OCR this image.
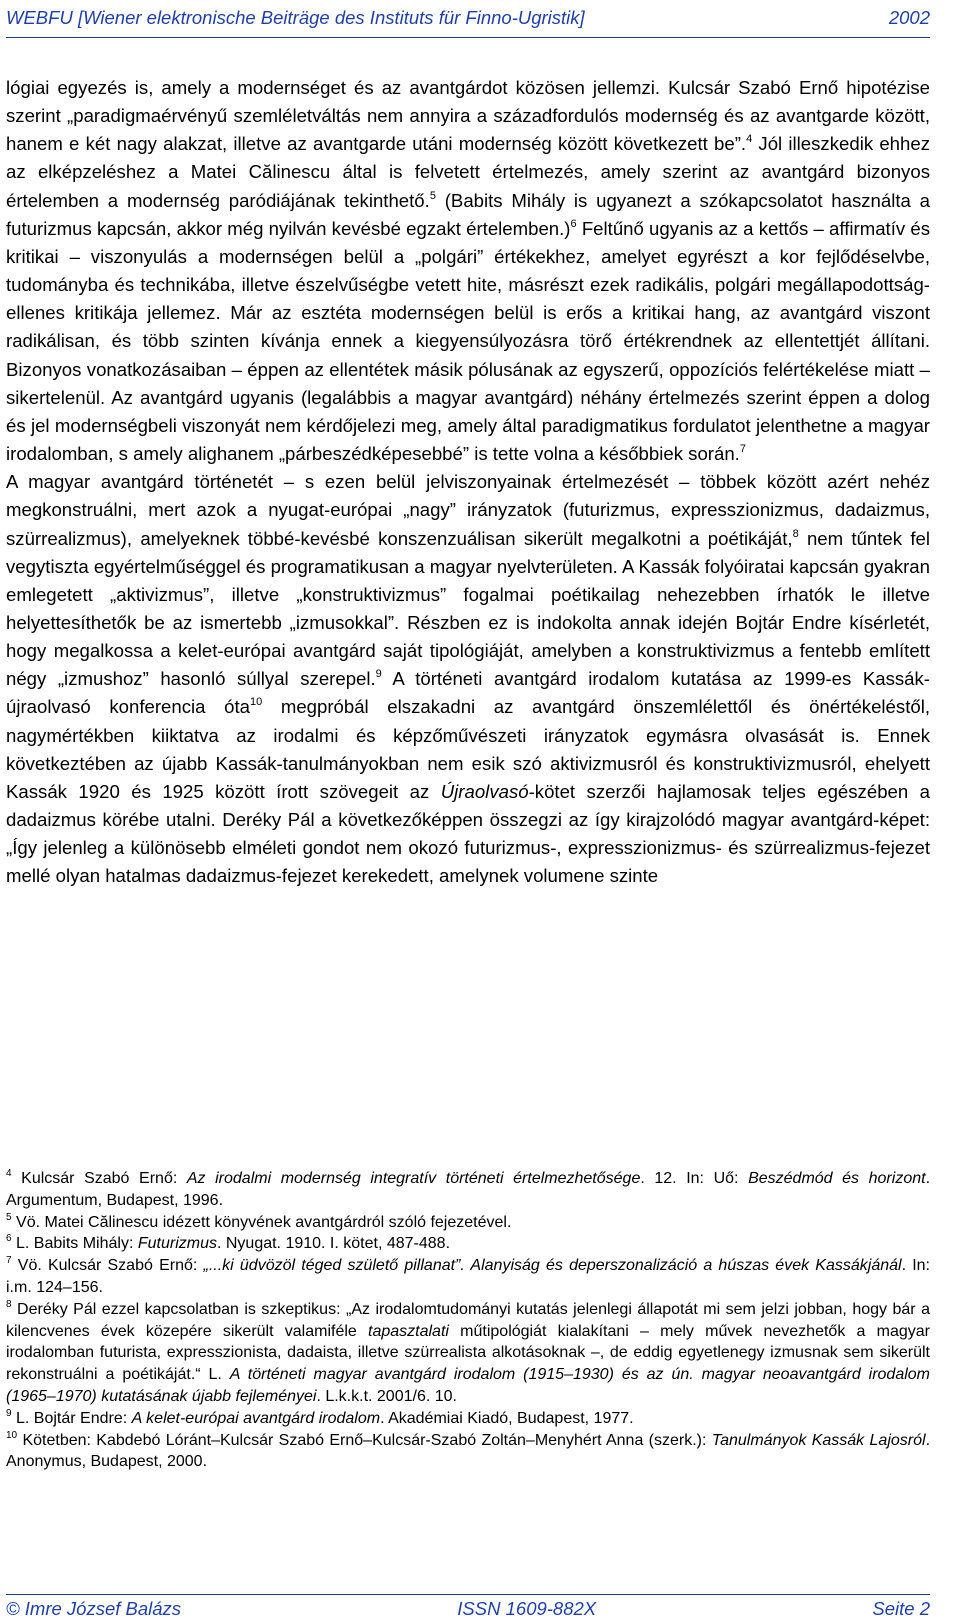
WEBFU [Wiener elektronische Beiträge des Instituts für Finno-Ugristik]	2002

lógiai egyezés is, amely a modernséget és az avantgárdot közösen jellemzi. Kulcsár Szabó Ernő hipotézise szerint „paradigmaérvényű szemléletváltás nem annyira a századfordulós modernség és az avantgarde között, hanem e két nagy alakzat, illetve az avantgarde utáni modernség között következett be”.$^4$ Jól illeszkedik ehhez az elképzeléshez a Matei Călinescu által is felvetett értelmezés, amely szerint az avantgárd bizonyos értelemben a modernség paródiájának tekinthető.$^5$ (Babits Mihály is ugyanezt a szókapcsolatot használta a futurizmus kapcsán, akkor még nyilván kevésbé egzakt értelemben.)$^6$ Feltűnő ugyanis az a kettős – affirmatív és kritikai – viszonyulás a modernségen belül a „polgári” értékekhez, amelyet egyrészt a kor fejlődéselvbe, tudományba és technikába, illetve észelvűségbe vetett hite, másrészt ezek radikális, polgári megállapodottság-ellenes kritikája jellemez. Már az esztéta modernségen belül is erős a kritikai hang, az avantgárd viszont radikálisan, és több szinten kívánja ennek a kiegyensúlyozásra törő értékrendnek az ellentettjét állítani. Bizonyos vonatkozásaiban – éppen az ellentétek másik pólusának az egyszerű, oppozíciós felértékelése miatt – sikertelenül. Az avantgárd ugyanis (legalábbis a magyar avantgárd) néhány értelmezés szerint éppen a dolog és jel modernségbeli viszonyát nem kérdőjelezi meg, amely által paradigmatikus fordulatot jelenthetne a magyar irodalomban, s amely alighanem „párbeszédképesebbé” is tette volna a későbbiek során.$^7$

A magyar avantgárd történetét – s ezen belül jelviszonyainak értelmezését – többek között azért nehéz megkonstruálni, mert azok a nyugat-európai „nagy” irányzatok (futurizmus, expresszionizmus, dadaizmus, szürrealizmus), amelyeknek többé-kevésbé konszenzuálisan sikerült megalkotni a poétikáját,$^8$ nem tűntek fel vegytiszta egyértelműséggel és programatikusan a magyar nyelvterületen. A Kassák folyóiratai kapcsán gyakran emlegetett „aktivizmus”, illetve „konstruktivizmus” fogalmai poétikailag nehezebben írhatók le illetve helyettesíthetők be az ismertebb „izmusokkal”. Részben ez is indokolta annak idején Bojtár Endre kísérletét, hogy megalkossa a kelet-európai avantgárd saját tipológiáját, amelyben a konstruktivizmus a fentebb említett négy „izmushoz” hasonló súllyal szerepel.$^9$ A történeti avantgárd irodalom kutatása az 1999-es Kassák-újraolvasó konferencia óta$^{10}$ megpróbál elszakadni az avantgárd önszemlélettől és önértékeléstől, nagymértékben kiiktatva az irodalmi és képzőművészeti irányzatok egymásra olvasását is. Ennek következtében az újabb Kassák-tanulmányokban nem esik szó aktivizmusról és konstruktivizmusról, ehelyett Kassák 1920 és 1925 között írott szövegeit az Újraolvasó-kötet szerzői hajlamosak teljes egészében a dadaizmus körébe utalni. Deréky Pál a következőképpen összegzi az így kirajzolódó magyar avantgárd-képet: „Így jelenleg a különösebb elméleti gondot nem okozó futurizmus-, expresszionizmus- és szürrealizmus-fejezet mellé olyan hatalmas dadaizmus-fejezet kerekedett, amelynek volumene szinte

$^4$ Kulcsár Szabó Ernő: Az irodalmi modernség integratív történeti értelmezhetősége. 12. In: Uő: Beszédmód és horizont. Argumentum, Budapest, 1996.

$^5$ Vö. Matei Călinescu idézett könyvének avantgárdról szóló fejezetével.

$^6$ L. Babits Mihály: Futurizmus. Nyugat. 1910. I. kötet, 487-488.

$^7$ Vö. Kulcsár Szabó Ernő: „...ki üdvözöl téged születő pillanat”. Alanyiság és deperszonalizáció a húszas évek Kassákjánál. In: i.m. 124–156.

$^8$ Deréky Pál ezzel kapcsolatban is szkeptikus: „Az irodalomtudományi kutatás jelenlegi állapotát mi sem jelzi jobban, hogy bár a kilencvenes évek közepére sikerült valamiféle tapasztalati műtipológiát kialakítani – mely művek nevezhetők a magyar irodalomban futurista, expresszionista, dadaista, illetve szürrealista alkotásoknak –, de eddig egyetlenegy izmusnak sem sikerült rekonstruálni a poétikáját.“ L. A történeti magyar avantgárd irodalom (1915–1930) és az ún. magyar neoavantgárd irodalom (1965–1970) kutatásának újabb fejleményei. L.k.k.t. 2001/6. 10.

$^9$ L. Bojtár Endre: A kelet-európai avantgárd irodalom. Akadémiai Kiadó, Budapest, 1977.

$^{10}$ Kötetben: Kabdebó Lóránt–Kulcsár Szabó Ernő–Kulcsár-Szabó Zoltán–Menyhért Anna (szerk.): Tanulmányok Kassák Lajosról. Anonymus, Budapest, 2000.

© Imre József Balázs	ISSN 1609-882X	Seite 2
